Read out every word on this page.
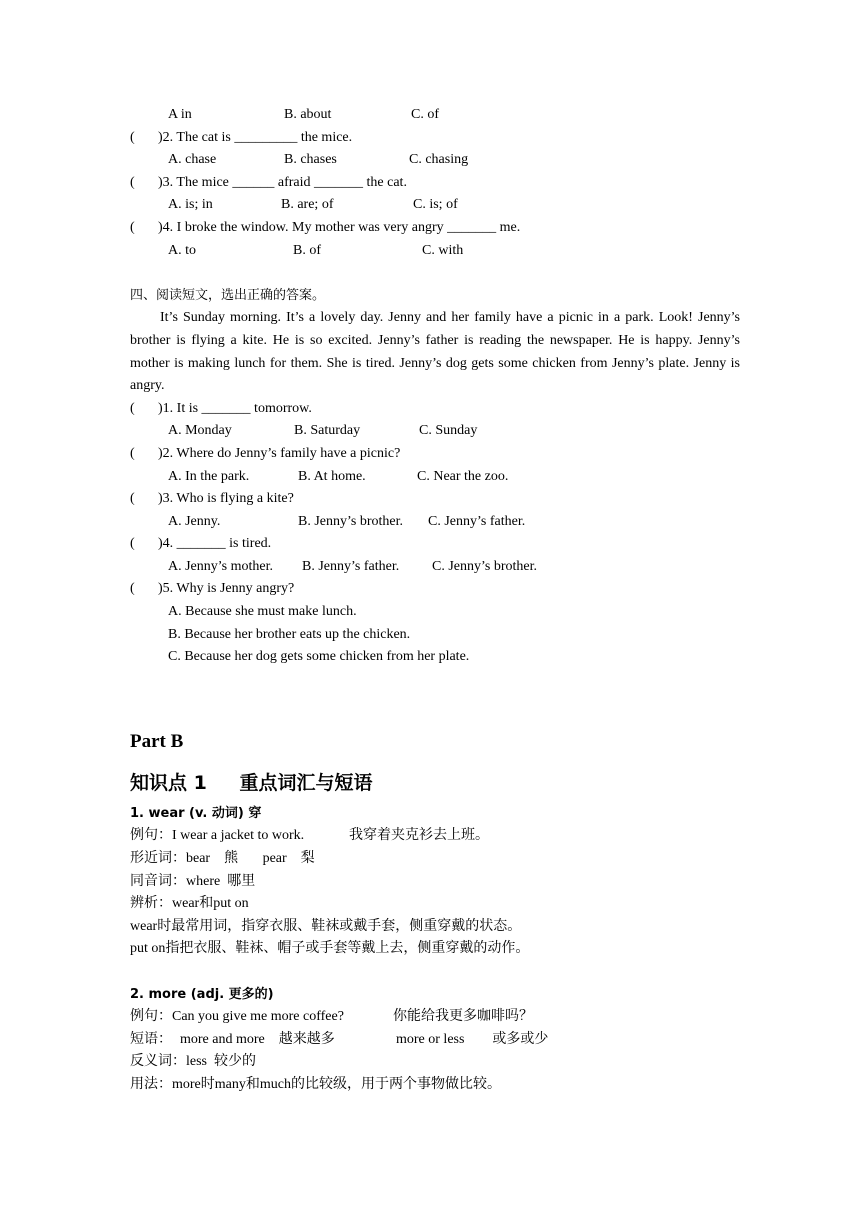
A in	B. about	C. of
( )2. The cat is _________ the mice.
A. chase	B. chases	C. chasing
( )3. The mice ______ afraid _______ the cat.
A. is; in	B. are; of	C. is; of
( )4. I broke the window. My mother was very angry _______ me.
A. to	B. of	C. with
四、阅读短文，选出正确的答案。

It’s Sunday morning. It’s a lovely day. Jenny and her family have a picnic in a park. Look! Jenny’s brother is flying a kite. He is so excited. Jenny’s father is reading the newspaper. He is happy. Jenny’s mother is making lunch for them. She is tired. Jenny’s dog gets some chicken from Jenny’s plate. Jenny is angry.

( )1. It is _______ tomorrow.
A. Monday	B. Saturday	C. Sunday
( )2. Where do Jenny’s family have a picnic?
A. In the park.	B. At home.	C. Near the zoo.
( )3. Who is flying a kite?
A. Jenny.	B. Jenny’s brother. C. Jenny’s father.
( )4. _______ is tired.
A. Jenny’s mother. B. Jenny’s father. C. Jenny’s brother.
( )5. Why is Jenny angry?
A. Because she must make lunch.
B. Because her brother eats up the chicken.
C. Because her dog gets some chicken from her plate.
Part B
知识点 1 重点词汇与短语
1. wear (v. 动词) 穿
例句：I wear a jacket to work.	我穿着夹克衫去上班。
形近词：bear    熊       pear    梨
同音词：where  哪里
辨析：wear和put on
wear时最常用词，指穿衣服、鞋袜或戴手套，侧重穿戴的状态。
put on指把衣服、鞋袜、帽子或手套等戴上去，侧重穿戴的动作。
2. more (adj. 更多的)
例句：Can you give me more coffee?	你能给我更多咖啡吗？
短语： more and more    越来越多	more or less        或多或少
反义词：less  较少的
用法：more时many和much的比较级，用于两个事物做比较。
